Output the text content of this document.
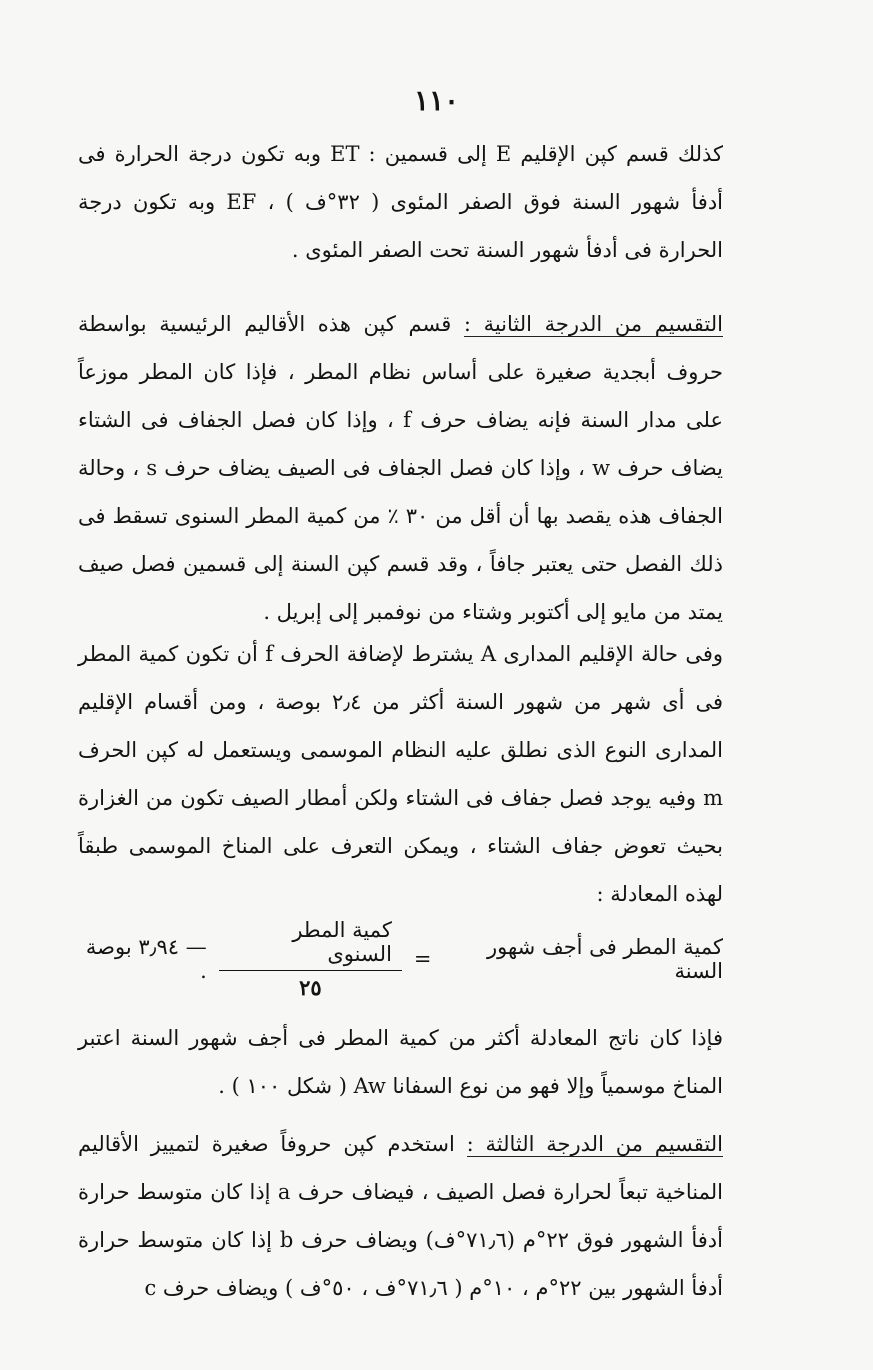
١١٠

كذلك قسم كپن الإقليم E إلى قسمين : ET وبه تكون درجة الحرارة فى أدفأ شهور السنة فوق الصفر المئوى ( ٣٢°ف ) ، EF وبه تكون درجة الحرارة فى أدفأ شهور السنة تحت الصفر المئوى .

التقسيم من الدرجة الثانية : قسم كپن هذه الأقاليم الرئيسية بواسطة حروف أبجدية صغيرة على أساس نظام المطر ، فإذا كان المطر موزعاً على مدار السنة فإنه يضاف حرف f ، وإذا كان فصل الجفاف فى الشتاء يضاف حرف w ، وإذا كان فصل الجفاف فى الصيف يضاف حرف s ، وحالة الجفاف هذه يقصد بها أن أقل من ٣٠ ٪ من كمية المطر السنوى تسقط فى ذلك الفصل حتى يعتبر جافاً ، وقد قسم كپن السنة إلى قسمين فصل صيف يمتد من مايو إلى أكتوبر وشتاء من نوفمبر إلى إبريل .

وفى حالة الإقليم المدارى A يشترط لإضافة الحرف f أن تكون كمية المطر فى أى شهر من شهور السنة أكثر من ٢٫٤ بوصة ، ومن أقسام الإقليم المدارى النوع الذى نطلق عليه النظام الموسمى ويستعمل له كپن الحرف m وفيه يوجد فصل جفاف فى الشتاء ولكن أمطار الصيف تكون من الغزارة بحيث تعوض جفاف الشتاء ، ويمكن التعرف على المناخ الموسمى طبقاً لهذه المعادلة :

كمية المطر فى أجف شهور السنة
=
$\frac{\text{كمية المطر السنوى}}{٢٥}$
— ٣٫٩٤ بوصة .

فإذا كان ناتج المعادلة أكثر من كمية المطر فى أجف شهور السنة اعتبر المناخ موسمياً وإلا فهو من نوع السفانا Aw ( شكل ١٠٠ ) .

التقسيم من الدرجة الثالثة : استخدم كپن حروفاً صغيرة لتمييز الأقاليم المناخية تبعاً لحرارة فصل الصيف ، فيضاف حرف a إذا كان متوسط حرارة أدفأ الشهور فوق ٢٢°م (٧١٫٦°ف) ويضاف حرف b إذا كان متوسط حرارة أدفأ الشهور بين ٢٢°م ، ١٠°م ( ٧١٫٦°ف ، ٥٠°ف ) ويضاف حرف c
